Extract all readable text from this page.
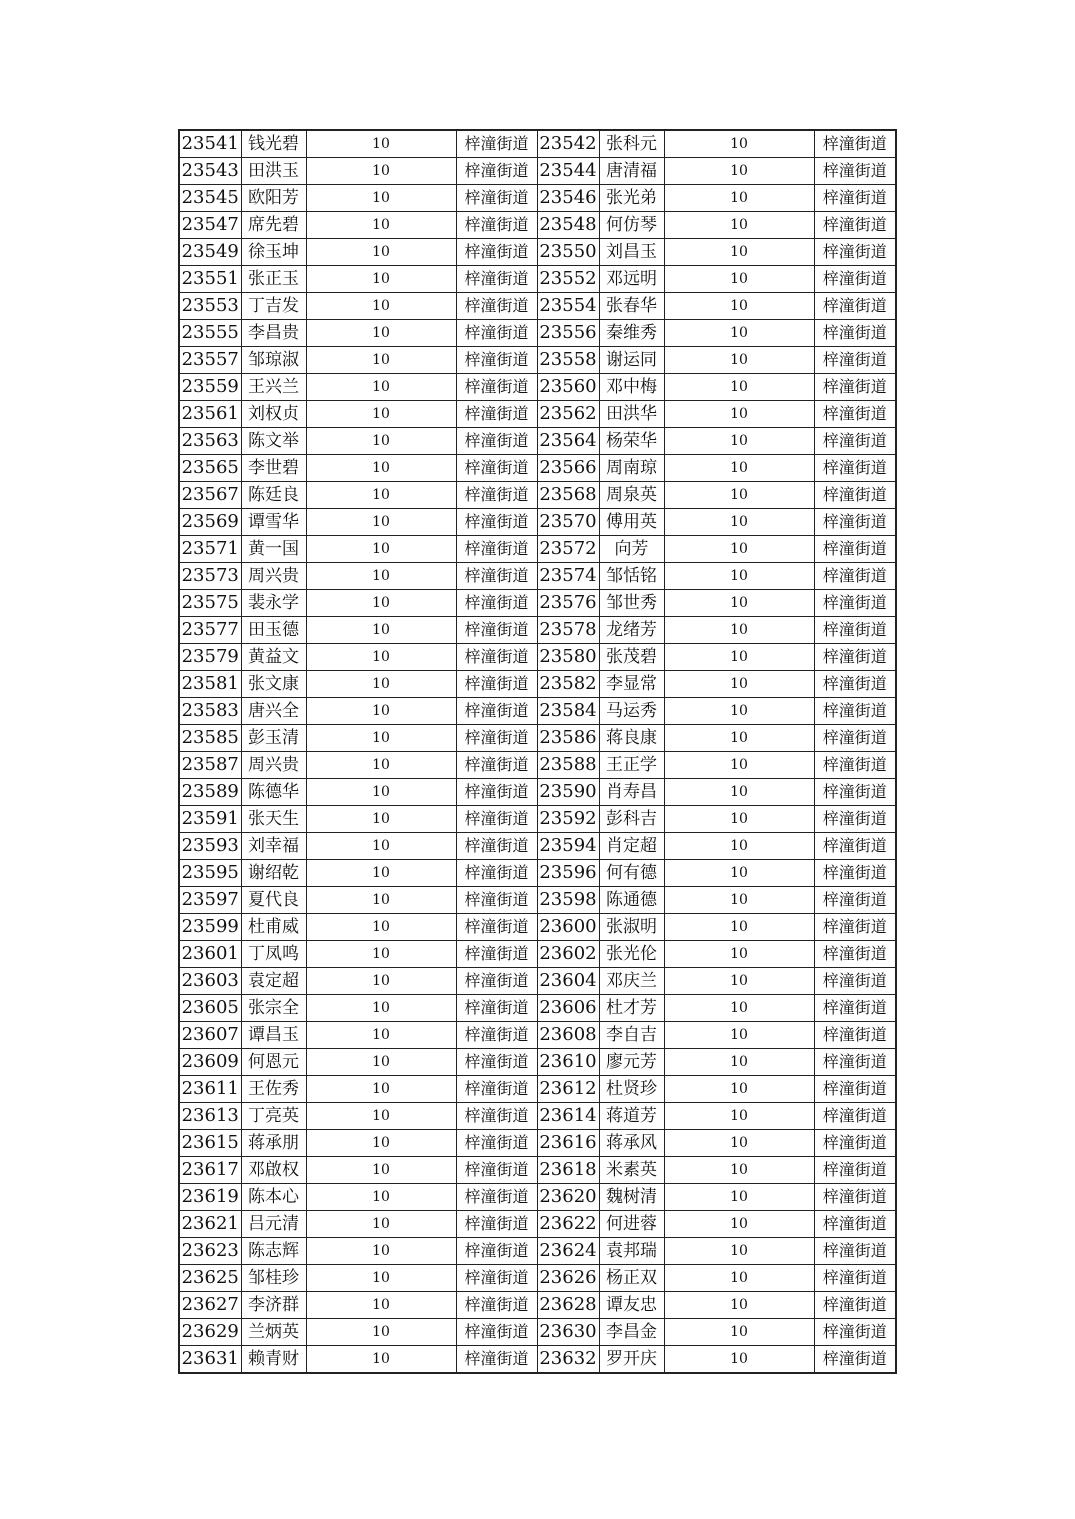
23541	钱光碧	10	梓潼街道	23542	张科元	10	梓潼街道
23543	田洪玉	10	梓潼街道	23544	唐清福	10	梓潼街道
23545	欧阳芳	10	梓潼街道	23546	张光弟	10	梓潼街道
23547	席先碧	10	梓潼街道	23548	何仿琴	10	梓潼街道
23549	徐玉坤	10	梓潼街道	23550	刘昌玉	10	梓潼街道
23551	张正玉	10	梓潼街道	23552	邓远明	10	梓潼街道
23553	丁吉发	10	梓潼街道	23554	张春华	10	梓潼街道
23555	李昌贵	10	梓潼街道	23556	秦维秀	10	梓潼街道
23557	邹琼淑	10	梓潼街道	23558	谢运同	10	梓潼街道
23559	王兴兰	10	梓潼街道	23560	邓中梅	10	梓潼街道
23561	刘权贞	10	梓潼街道	23562	田洪华	10	梓潼街道
23563	陈文举	10	梓潼街道	23564	杨荣华	10	梓潼街道
23565	李世碧	10	梓潼街道	23566	周南琼	10	梓潼街道
23567	陈廷良	10	梓潼街道	23568	周泉英	10	梓潼街道
23569	谭雪华	10	梓潼街道	23570	傅用英	10	梓潼街道
23571	黄一国	10	梓潼街道	23572	向芳	10	梓潼街道
23573	周兴贵	10	梓潼街道	23574	邹恬铭	10	梓潼街道
23575	裴永学	10	梓潼街道	23576	邹世秀	10	梓潼街道
23577	田玉德	10	梓潼街道	23578	龙绪芳	10	梓潼街道
23579	黄益文	10	梓潼街道	23580	张茂碧	10	梓潼街道
23581	张文康	10	梓潼街道	23582	李显常	10	梓潼街道
23583	唐兴全	10	梓潼街道	23584	马运秀	10	梓潼街道
23585	彭玉清	10	梓潼街道	23586	蒋良康	10	梓潼街道
23587	周兴贵	10	梓潼街道	23588	王正学	10	梓潼街道
23589	陈德华	10	梓潼街道	23590	肖寿昌	10	梓潼街道
23591	张天生	10	梓潼街道	23592	彭科吉	10	梓潼街道
23593	刘幸福	10	梓潼街道	23594	肖定超	10	梓潼街道
23595	谢绍乾	10	梓潼街道	23596	何有德	10	梓潼街道
23597	夏代良	10	梓潼街道	23598	陈通德	10	梓潼街道
23599	杜甫威	10	梓潼街道	23600	张淑明	10	梓潼街道
23601	丁凤鸣	10	梓潼街道	23602	张光伦	10	梓潼街道
23603	袁定超	10	梓潼街道	23604	邓庆兰	10	梓潼街道
23605	张宗全	10	梓潼街道	23606	杜才芳	10	梓潼街道
23607	谭昌玉	10	梓潼街道	23608	李自吉	10	梓潼街道
23609	何恩元	10	梓潼街道	23610	廖元芳	10	梓潼街道
23611	王佐秀	10	梓潼街道	23612	杜贤珍	10	梓潼街道
23613	丁亮英	10	梓潼街道	23614	蒋道芳	10	梓潼街道
23615	蒋承朋	10	梓潼街道	23616	蒋承风	10	梓潼街道
23617	邓啟权	10	梓潼街道	23618	米素英	10	梓潼街道
23619	陈本心	10	梓潼街道	23620	魏树清	10	梓潼街道
23621	吕元清	10	梓潼街道	23622	何进蓉	10	梓潼街道
23623	陈志辉	10	梓潼街道	23624	袁邦瑞	10	梓潼街道
23625	邹桂珍	10	梓潼街道	23626	杨正双	10	梓潼街道
23627	李济群	10	梓潼街道	23628	谭友忠	10	梓潼街道
23629	兰炳英	10	梓潼街道	23630	李昌金	10	梓潼街道
23631	赖青财	10	梓潼街道	23632	罗开庆	10	梓潼街道
